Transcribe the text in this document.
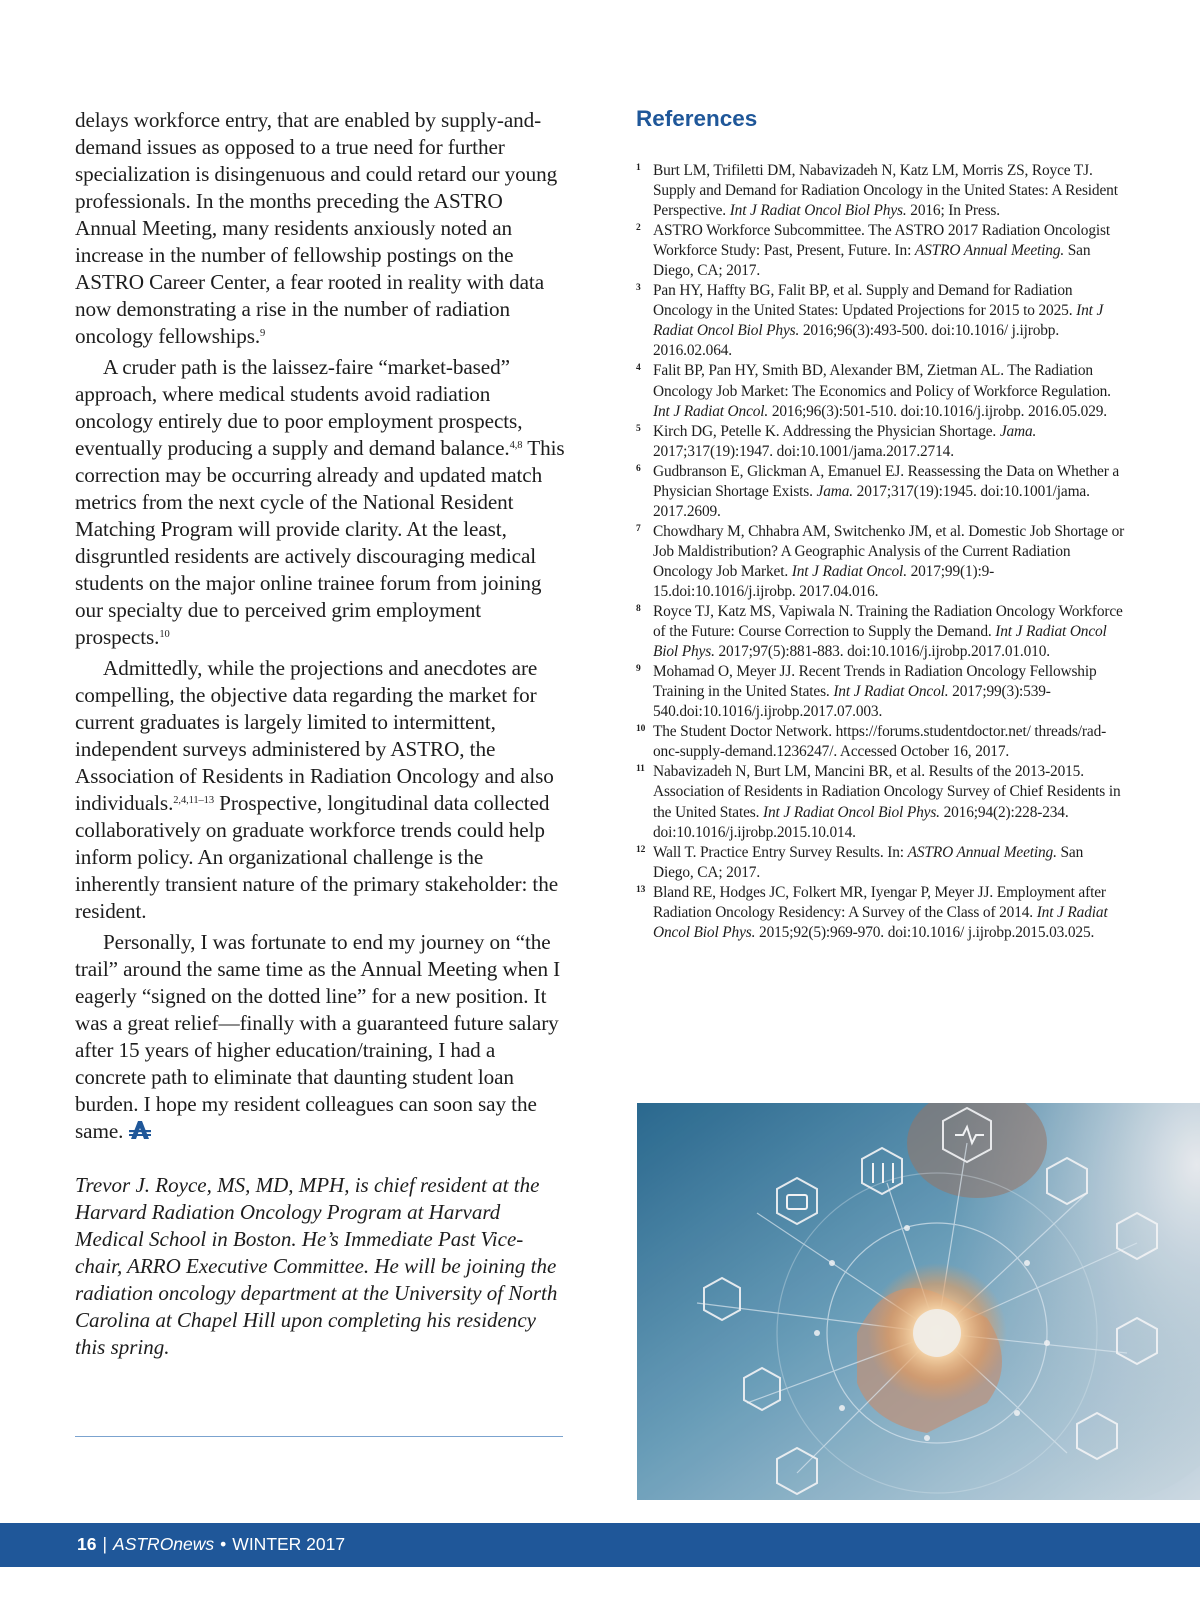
delays workforce entry, that are enabled by supply-and-demand issues as opposed to a true need for further specialization is disingenuous and could retard our young professionals. In the months preceding the ASTRO Annual Meeting, many residents anxiously noted an increase in the number of fellowship postings on the ASTRO Career Center, a fear rooted in reality with data now demonstrating a rise in the number of radiation oncology fellowships.$^9$

A cruder path is the laissez-faire “market-based” approach, where medical students avoid radiation oncology entirely due to poor employment prospects, eventually producing a supply and demand balance.$^{4,8}$ This correction may be occurring already and updated match metrics from the next cycle of the National Resident Matching Program will provide clarity. At the least, disgruntled residents are actively discouraging medical students on the major online trainee forum from joining our specialty due to perceived grim employment prospects.$^{10}$

Admittedly, while the projections and anecdotes are compelling, the objective data regarding the market for current graduates is largely limited to intermittent, independent surveys administered by ASTRO, the Association of Residents in Radiation Oncology and also individuals.$^{2,4,11-13}$ Prospective, longitudinal data collected collaboratively on graduate workforce trends could help inform policy. An organizational challenge is the inherently transient nature of the primary stakeholder: the resident.

Personally, I was fortunate to end my journey on “the trail” around the same time as the Annual Meeting when I eagerly “signed on the dotted line” for a new position. It was a great relief—finally with a guaranteed future salary after 15 years of higher education/training, I had a concrete path to eliminate that daunting student loan burden. I hope my resident colleagues can soon say the same.

Trevor J. Royce, MS, MD, MPH, is chief resident at the Harvard Radiation Oncology Program at Harvard Medical School in Boston. He’s Immediate Past Vice-chair, ARRO Executive Committee. He will be joining the radiation oncology department at the University of North Carolina at Chapel Hill upon completing his residency this spring.

References
1 Burt LM, Trifiletti DM, Nabavizadeh N, Katz LM, Morris ZS, Royce TJ. Supply and Demand for Radiation Oncology in the United States: A Resident Perspective. Int J Radiat Oncol Biol Phys. 2016; In Press.
2 ASTRO Workforce Subcommittee. The ASTRO 2017 Radiation Oncologist Workforce Study: Past, Present, Future. In: ASTRO Annual Meeting. San Diego, CA; 2017.
3 Pan HY, Haffty BG, Falit BP, et al. Supply and Demand for Radiation Oncology in the United States: Updated Projections for 2015 to 2025. Int J Radiat Oncol Biol Phys. 2016;96(3):493-500. doi:10.1016/ j.ijrobp. 2016.02.064.
4 Falit BP, Pan HY, Smith BD, Alexander BM, Zietman AL. The Radiation Oncology Job Market: The Economics and Policy of Workforce Regulation. Int J Radiat Oncol. 2016;96(3):501-510. doi:10.1016/j.ijrobp. 2016.05.029.
5 Kirch DG, Petelle K. Addressing the Physician Shortage. Jama. 2017;317(19):1947. doi:10.1001/jama.2017.2714.
6 Gudbranson E, Glickman A, Emanuel EJ. Reassessing the Data on Whether a Physician Shortage Exists. Jama. 2017;317(19):1945. doi:10.1001/jama. 2017.2609.
7 Chowdhary M, Chhabra AM, Switchenko JM, et al. Domestic Job Shortage or Job Maldistribution? A Geographic Analysis of the Current Radiation Oncology Job Market. Int J Radiat Oncol. 2017;99(1):9-15.doi:10.1016/j.ijrobp. 2017.04.016.
8 Royce TJ, Katz MS, Vapiwala N. Training the Radiation Oncology Workforce of the Future: Course Correction to Supply the Demand. Int J Radiat Oncol Biol Phys. 2017;97(5):881-883. doi:10.1016/j.ijrobp.2017.01.010.
9 Mohamad O, Meyer JJ. Recent Trends in Radiation Oncology Fellowship Training in the United States. Int J Radiat Oncol. 2017;99(3):539-540.doi:10.1016/j.ijrobp.2017.07.003.
10 The Student Doctor Network. https://forums.studentdoctor.net/ threads/rad-onc-supply-demand.1236247/. Accessed October 16, 2017.
11 Nabavizadeh N, Burt LM, Mancini BR, et al. Results of the 2013-2015. Association of Residents in Radiation Oncology Survey of Chief Residents in the United States. Int J Radiat Oncol Biol Phys. 2016;94(2):228-234. doi:10.1016/j.ijrobp.2015.10.014.
12 Wall T. Practice Entry Survey Results. In: ASTRO Annual Meeting. San Diego, CA; 2017.
13 Bland RE, Hodges JC, Folkert MR, Iyengar P, Meyer JJ. Employment after Radiation Oncology Residency: A Survey of the Class of 2014. Int J Radiat Oncol Biol Phys. 2015;92(5):969-970. doi:10.1016/ j.ijrobp.2015.03.025.
16 | ASTROnews • WINTER 2017
